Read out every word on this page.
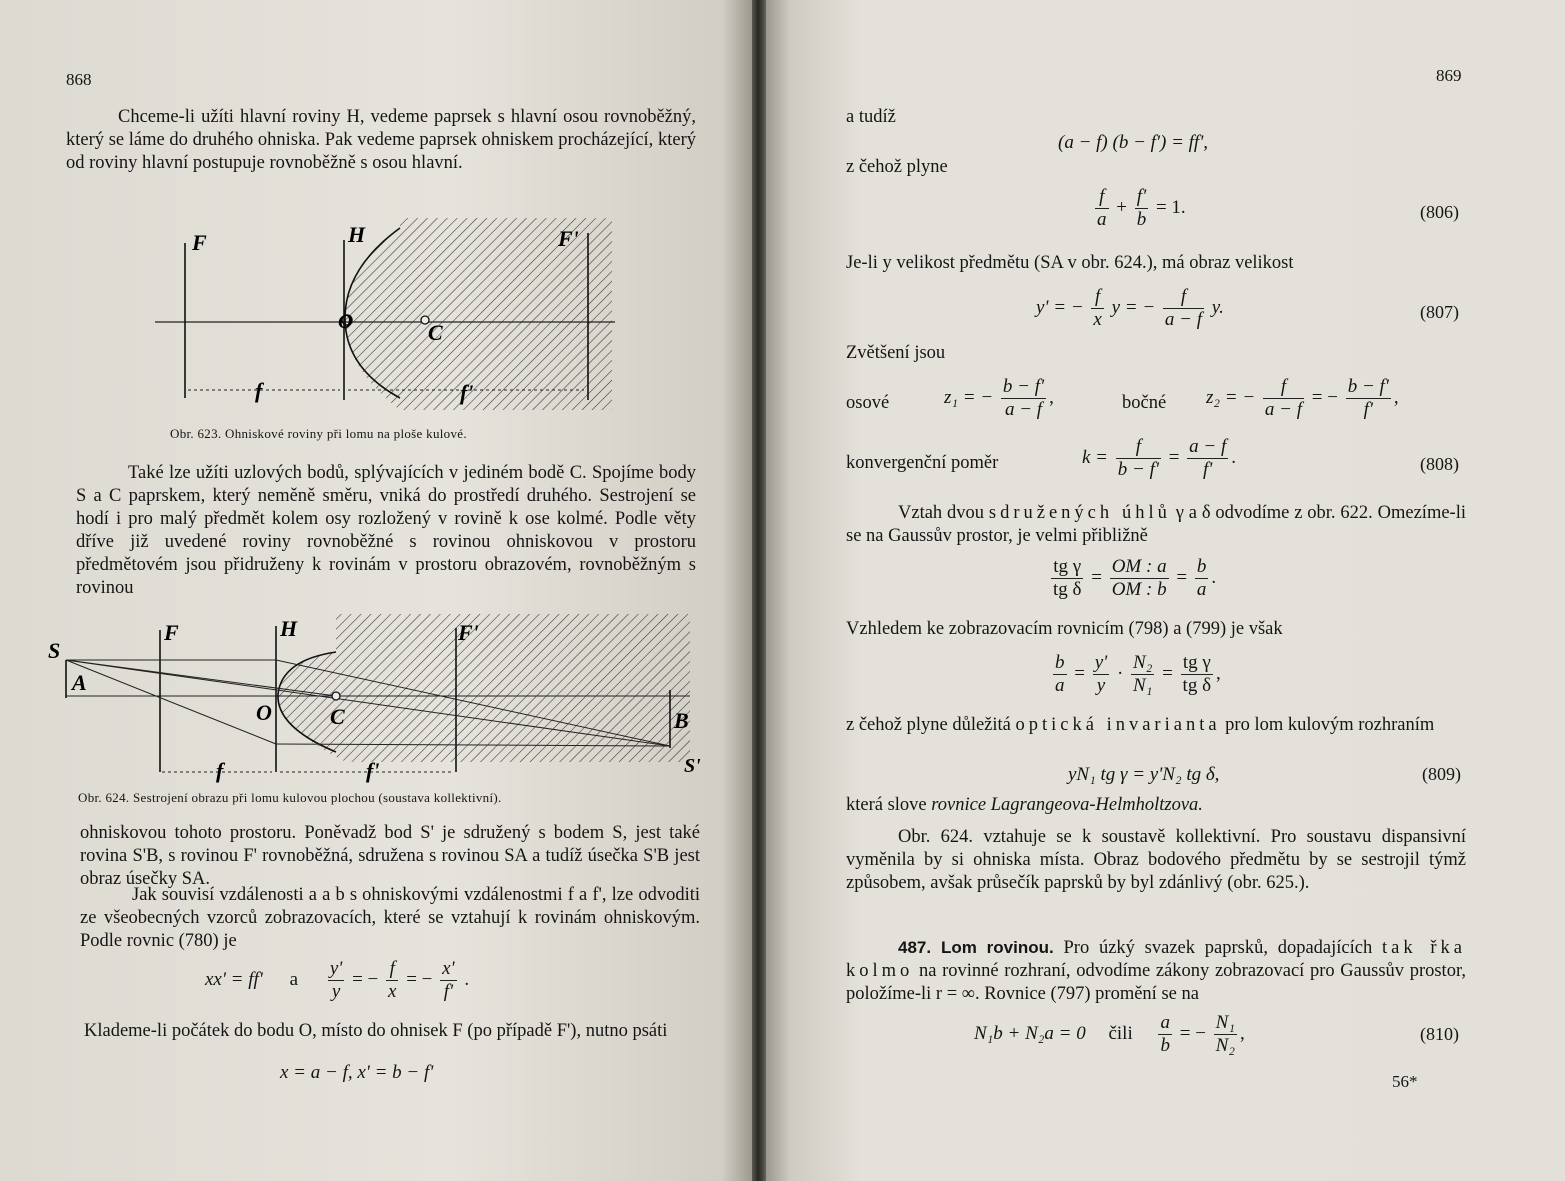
868

Chceme-li užíti hlavní roviny H, vedeme paprsek s hlavní osou rovnoběžný, který se láme do druhého ohniska. Pak vedeme paprsek ohniskem procházející, který od roviny hlavní postupuje rovnoběžně s osou hlavní.

F	H	F'
O	C
f	f'
Obr. 623. Ohniskové roviny při lomu na ploše kulové.

Také lze užíti uzlových bodů, splývajících v jediném bodě C. Spojíme body S a C paprskem, který neměně směru, vniká do prostředí druhého. Sestrojení se hodí i pro malý předmět kolem osy rozložený v rovině k ose kolmé. Podle věty dříve již uvedené roviny rovnoběžné s rovinou ohniskovou v prostoru předmětovém jsou přidruženy k rovinám v prostoru obrazovém, rovnoběžným s rovinou

S
A
F	H	F'
O	C	B
S'
f	f'
Obr. 624. Sestrojení obrazu při lomu kulovou plochou (soustava kollektivní).

ohniskovou tohoto prostoru. Poněvadž bod S' je sdružený s bodem S, jest také rovina S'B, s rovinou F' rovnoběžná, sdružena s rovinou SA a tudíž úsečka S'B jest obraz úsečky SA.

Jak souvisí vzdálenosti a a b s ohniskovými vzdálenostmi f a f', lze odvoditi ze všeobecných vzorců zobrazovacích, které se vztahují k rovinám ohniskovým. Podle rovnic (780) je

xx' = ff' a $\frac{y'}{y}$ = − $\frac{f}{x}$ = − $\frac{x'}{f'}$ .

Klademe-li počátek do bodu O, místo do ohnisek F (po případě F'), nutno psáti

x = a − f, x' = b − f'
869
a tudíž
(a − f) (b − f') = ff',
z čehož plyne
$\frac{f}{a} + \frac{f'}{b} = 1$.	(806)
Je-li y velikost předmětu (SA v obr. 624.), má obraz velikost
y' = − $\frac{f}{x}$ y = − $\frac{f}{a - f} y$.	(807)
Zvětšení jsou
osové	z₁ = − $\frac{b - f'}{a - f}$ ,	bočné z₂ = − $\frac{f}{a - f}$ = − $\frac{b - f'}{f'}$ ,
konvergenční poměr	$k = \frac{f}{b - f'} = \frac{a - f}{f'}$ .	(808)

Vztah dvou sdružených úhlů γ a δ odvodíme z obr. 622. Omezíme-li se na Gaussův prostor, je velmi přibližně

$\frac{\text{tg γ}}{\text{tg δ}} = \frac{OM : a}{OM : b} = \frac{b}{a}$ .
Vzhledem ke zobrazovacím rovnicím (798) a (799) je však
$\frac{b}{a} = \frac{y'}{y} \cdot \frac{\text{N₂}}{\text{N₁}} = \frac{\text{tg γ}}{\text{tg δ}}$ ,

z čehož plyne důležitá optická invarianta pro lom kulovým rozhraním

yN₁ tg γ = y'N₂ tg δ,	(809)

která slove rovnice Lagrangeova-Helmholtzova.

Obr. 624. vztahuje se k soustavě kollektivní. Pro soustavu dispansivní vyměnila by si ohniska místa. Obraz bodového předmětu by se sestrojil týmž způsobem, avšak průsečík paprsků by byl zdánlivý (obr. 625.).

487. Lom rovinou. Pro úzký svazek paprsků, dopadajících tak řka kolmo na rovinné rozhraní, odvodíme zákony zobrazovací pro Gaussův prostor, položíme-li r = ∞. Rovnice (797) promění se na

N₁b + N₂a = 0 čili $\frac{a}{b}$ = − $\frac{\text{N₁}}{\text{N₂}}$ ,	(810)
56*
